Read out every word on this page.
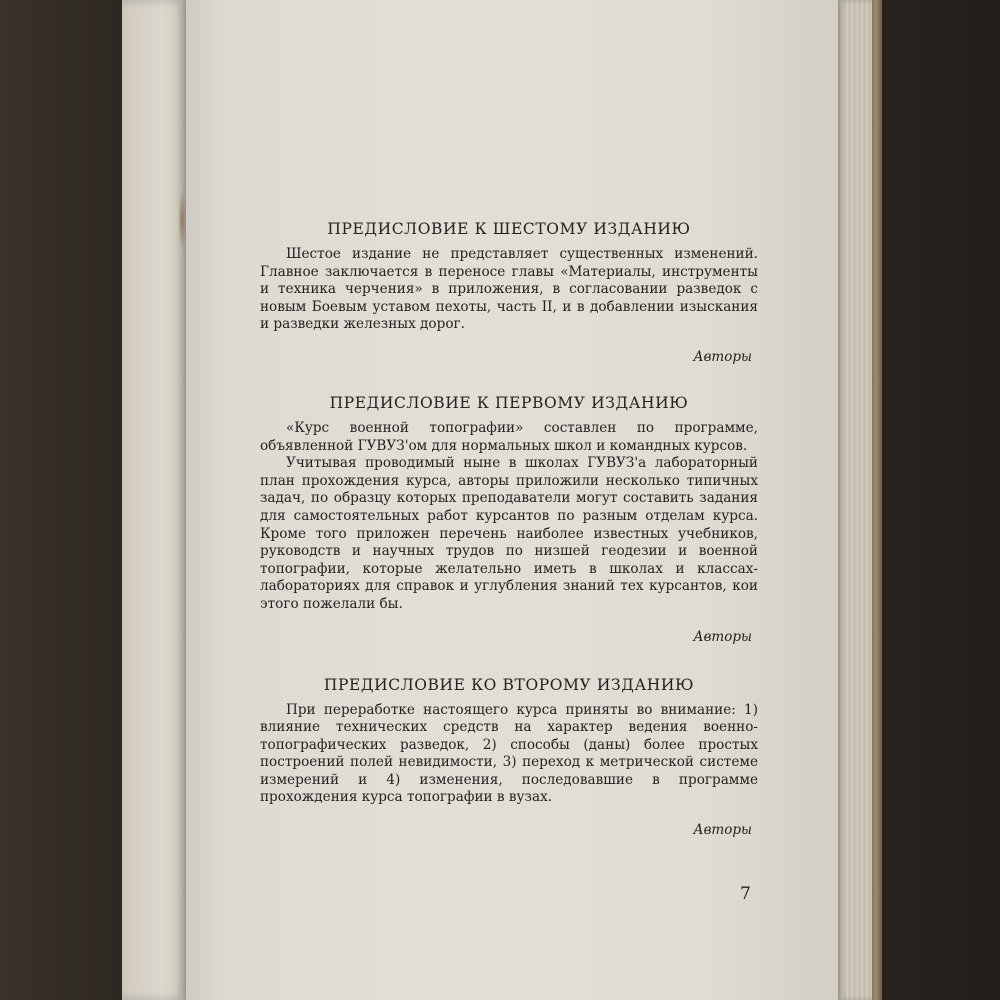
ПРЕДИСЛОВИЕ К ШЕСТОМУ ИЗДАНИЮ

Шестое издание не представляет существенных изменений. Главное заключается в переносе главы «Материалы, инструменты и техника черчения» в приложения, в согласовании разведок с новым Боевым уставом пехоты, часть II, и в добавлении изыскания и разведки железных дорог.

Авторы
ПРЕДИСЛОВИЕ К ПЕРВОМУ ИЗДАНИЮ

«Курс военной топографии» составлен по программе, объявленной ГУВУЗ'ом для нормальных школ и командных курсов.

Учитывая проводимый ныне в школах ГУВУЗ'а лабораторный план прохождения курса, авторы приложили несколько типичных задач, по образцу которых преподаватели могут составить задания для самостоятельных работ курсантов по разным отделам курса. Кроме того приложен перечень наиболее известных учебников, руководств и научных трудов по низшей геодезии и военной топографии, которые желательно иметь в школах и классах-лабораториях для справок и углубления знаний тех курсантов, кои этого пожелали бы.

Авторы
ПРЕДИСЛОВИЕ КО ВТОРОМУ ИЗДАНИЮ

При переработке настоящего курса приняты во внимание: 1) влияние технических средств на характер ведения военно-топографических разведок, 2) способы (даны) более простых построений полей невидимости, 3) переход к метрической системе измерений и 4) изменения, последовавшие в программе прохождения курса топографии в вузах.

Авторы
7
